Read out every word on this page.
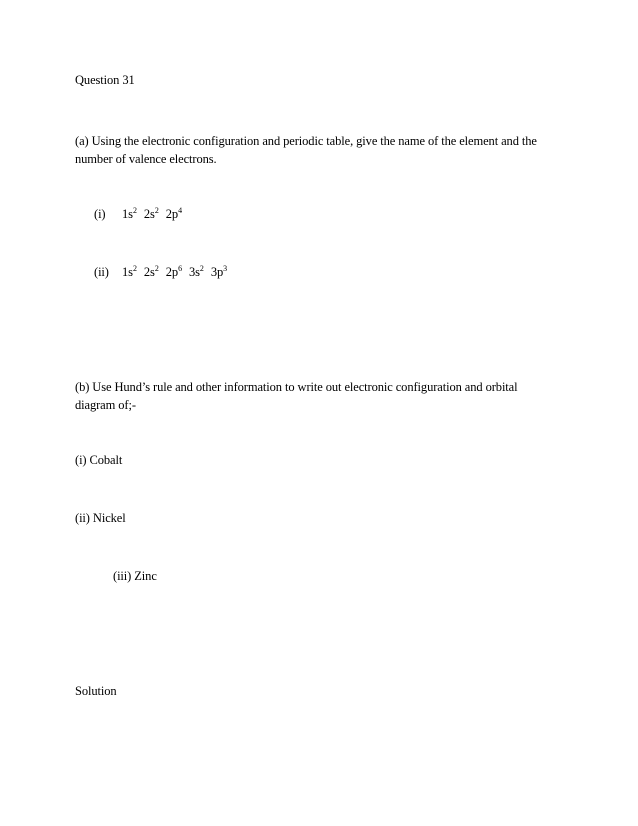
Question 31
(a) Using the electronic configuration and periodic table, give the name of the element and the
number of valence electrons.
(i) $1s^2$ $2s^2$ $2p^4$
(ii) $1s^2$ $2s^2$ $2p^6$ $3s^2$ $3p^3$
(b) Use Hund’s rule and other information to write out electronic configuration and orbital
diagram of;-
(i) Cobalt
(ii) Nickel
(iii) Zinc
Solution
